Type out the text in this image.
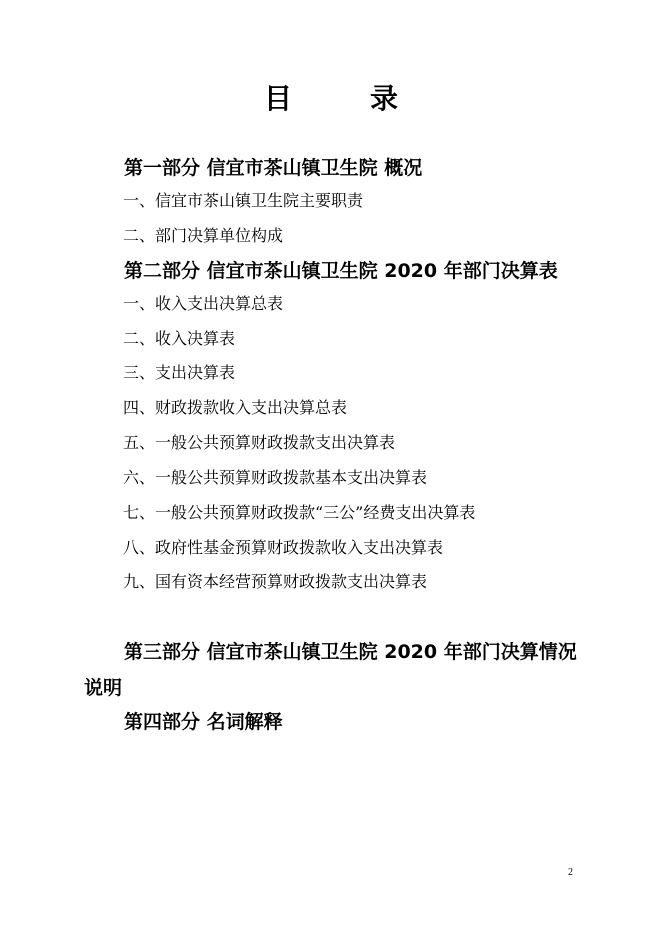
目	录
第一部分 信宜市茶山镇卫生院 概况
一、信宜市茶山镇卫生院主要职责
二、部门决算单位构成
第二部分 信宜市茶山镇卫生院 2020 年部门决算表
一、收入支出决算总表
二、收入决算表
三、支出决算表
四、财政拨款收入支出决算总表
五、一般公共预算财政拨款支出决算表
六、一般公共预算财政拨款基本支出决算表
七、一般公共预算财政拨款“三公”经费支出决算表
八、政府性基金预算财政拨款收入支出决算表
九、国有资本经营预算财政拨款支出决算表
第三部分 信宜市茶山镇卫生院 2020 年部门决算情况说明
第四部分 名词解释
2
